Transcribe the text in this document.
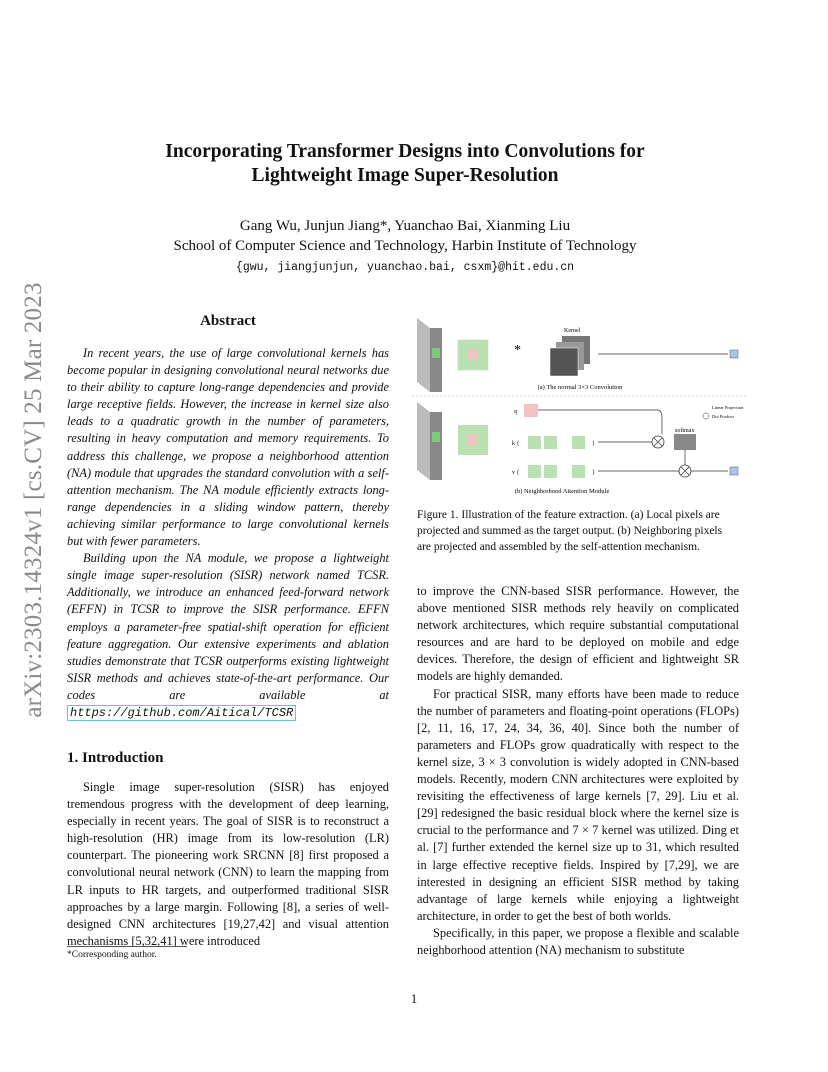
arXiv:2303.14324v1 [cs.CV] 25 Mar 2023
Incorporating Transformer Designs into Convolutions for
Lightweight Image Super-Resolution
Gang Wu, Junjun Jiang*, Yuanchao Bai, Xianming Liu
School of Computer Science and Technology, Harbin Institute of Technology
{gwu, jiangjunjun, yuanchao.bai, csxm}@hit.edu.cn
Abstract

In recent years, the use of large convolutional kernels has become popular in designing convolutional neural networks due to their ability to capture long-range dependencies and provide large receptive fields. However, the increase in kernel size also leads to a quadratic growth in the number of parameters, resulting in heavy computation and memory requirements. To address this challenge, we propose a neighborhood attention (NA) module that upgrades the standard convolution with a self-attention mechanism. The NA module efficiently extracts long-range dependencies in a sliding window pattern, thereby achieving similar performance to large convolutional kernels but with fewer parameters.

Building upon the NA module, we propose a lightweight single image super-resolution (SISR) network named TCSR. Additionally, we introduce an enhanced feed-forward network (EFFN) in TCSR to improve the SISR performance. EFFN employs a parameter-free spatial-shift operation for efficient feature aggregation. Our extensive experiments and ablation studies demonstrate that TCSR outperforms existing lightweight SISR methods and achieves state-of-the-art performance. Our codes are available at https://github.com/Aitical/TCSR

1. Introduction

Single image super-resolution (SISR) has enjoyed tremendous progress with the development of deep learning, especially in recent years. The goal of SISR is to reconstruct a high-resolution (HR) image from its low-resolution (LR) counterpart. The pioneering work SRCNN [8] first proposed a convolutional neural network (CNN) to learn the mapping from LR inputs to HR targets, and outperformed traditional SISR approaches by a large margin. Following [8], a series of well-designed CNN architectures [19,27,42] and visual attention mechanisms [5,32,41] were introduced

*Corresponding author.
*
Kernel
(a) The normal 3×3 Convolution
q
k {	}
v {	}
softmax
Linear Projection
Dot Product
(b) Neighborhood Attention Module
Figure 1. Illustration of the feature extraction. (a) Local pixels are projected and summed as the target output. (b) Neighboring pixels are projected and assembled by the self-attention mechanism.

to improve the CNN-based SISR performance. However, the above mentioned SISR methods rely heavily on complicated network architectures, which require substantial computational resources and are hard to be deployed on mobile and edge devices. Therefore, the design of efficient and lightweight SR models are highly demanded.

For practical SISR, many efforts have been made to reduce the number of parameters and floating-point operations (FLOPs) [2, 11, 16, 17, 24, 34, 36, 40]. Since both the number of parameters and FLOPs grow quadratically with respect to the kernel size, 3 × 3 convolution is widely adopted in CNN-based models. Recently, modern CNN architectures were exploited by revisiting the effectiveness of large kernels [7, 29]. Liu et al. [29] redesigned the basic residual block where the kernel size is crucial to the performance and 7 × 7 kernel was utilized. Ding et al. [7] further extended the kernel size up to 31, which resulted in large effective receptive fields. Inspired by [7,29], we are interested in designing an efficient SISR method by taking advantage of large kernels while enjoying a lightweight architecture, in order to get the best of both worlds.

Specifically, in this paper, we propose a flexible and scalable neighborhood attention (NA) mechanism to substitute

1
